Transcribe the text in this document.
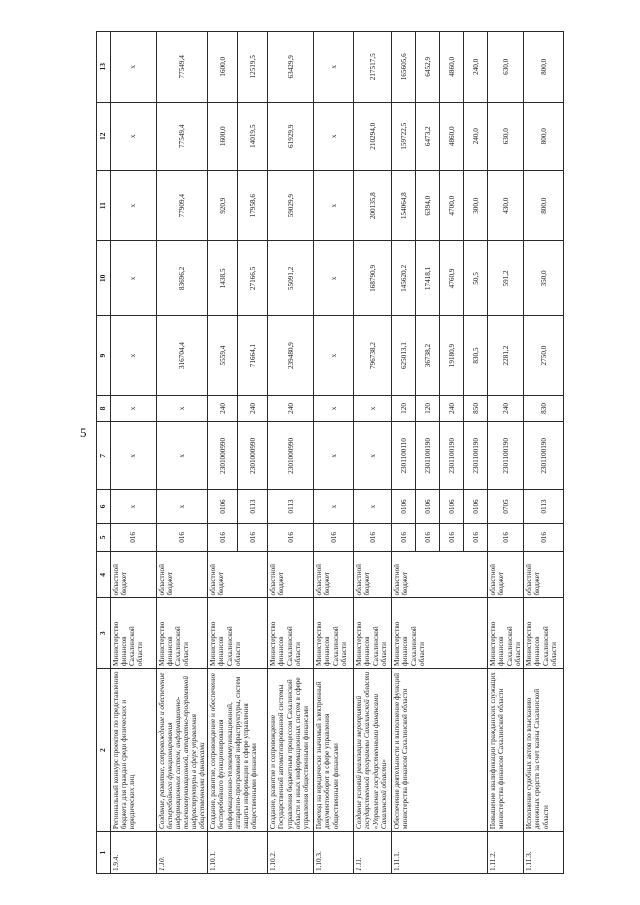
5
1	2	3	4	5	6	7	8	9	10	11	12	13
1.9.4.	Региональный конкурс проектов по представлению бюджета для граждан среди физических и юридических лиц	Министерство финансов Сахалинской области	областной бюджет	016	x	x	x	x	x	x	x	x
1.10.	Создание, развитие, сопровождение и обеспечение бесперебойного функционирования информационных систем, информационно-телекоммуникационной, аппаратно-программной инфраструктуры в сфере управления общественными финансами	Министерство финансов Сахалинской области	областной бюджет	016	x	x	x	316704,4	83696,2	77909,4	77549,4	77549,4
1.10.1.	Создание, развитие, сопровождение и обеспечение бесперебойного функционирования информационно-телекоммуникационной, аппаратно-программной инфраструктуры, систем защиты информации в сфере управления общественными финансами	Министерство финансов Сахалинской области	областной бюджет	016	0106	2301000990	240	5559,4	1438,5	920,9	1600,0	1600,0
				016	0113	2301000990	240	71664,1	27166,5	17958,6	14019,5	12519,5
1.10.2.	Создание, развитие и сопровождение Государственной автоматизированной системы управления бюджетным процессом Сахалинской области и иных информационных систем в сфере управления общественными финансами	Министерство финансов Сахалинской области	областной бюджет	016	0113	2301000990	240	239480,9	55091,2	59029,9	61929,9	63429,9
1.10.3.	Переход на юридически значимый электронный документооборот в сфере управления общественными финансами	Министерство финансов Сахалинской области	областной бюджет	016	x	x	x	x	x	x	x	x
1.11.	Создание условий реализации мероприятий государственной программы Сахалинской области «Управление государственными финансами Сахалинской области»	Министерство финансов Сахалинской области	областной бюджет	016	x	x	x	796738,2	168790,9	200135,8	210294,0	217517,5
1.11.1.	Обеспечение деятельности и выполнение функций министерства финансов Сахалинской области	Министерство финансов Сахалинской области	областной бюджет	016	0106	2301100110	120	625013,1	145620,2	154064,8	159722,5	165605,6
				016	0106	2301100190	120	36738,2	17418,1	6394,0	6473,2	6452,9
				016	0106	2301100190	240	19180,9	4760,9	4700,0	4860,0	4860,0
				016	0106	2301100190	850	830,5	50,5	300,0	240,0	240,0
1.11.2.	Повышение квалификации гражданских служащих министерства финансов Сахалинской области	Министерство финансов Сахалинской области	областной бюджет	016	0705	2301100190	240	2281,2	591,2	430,0	630,0	630,0
1.11.3.	Исполнение судебных актов по взысканию денежных средств за счет казны Сахалинской области	Министерство финансов Сахалинской области	областной бюджет	016	0113	2301100190	830	2750,0	350,0	800,0	800,0	800,0
